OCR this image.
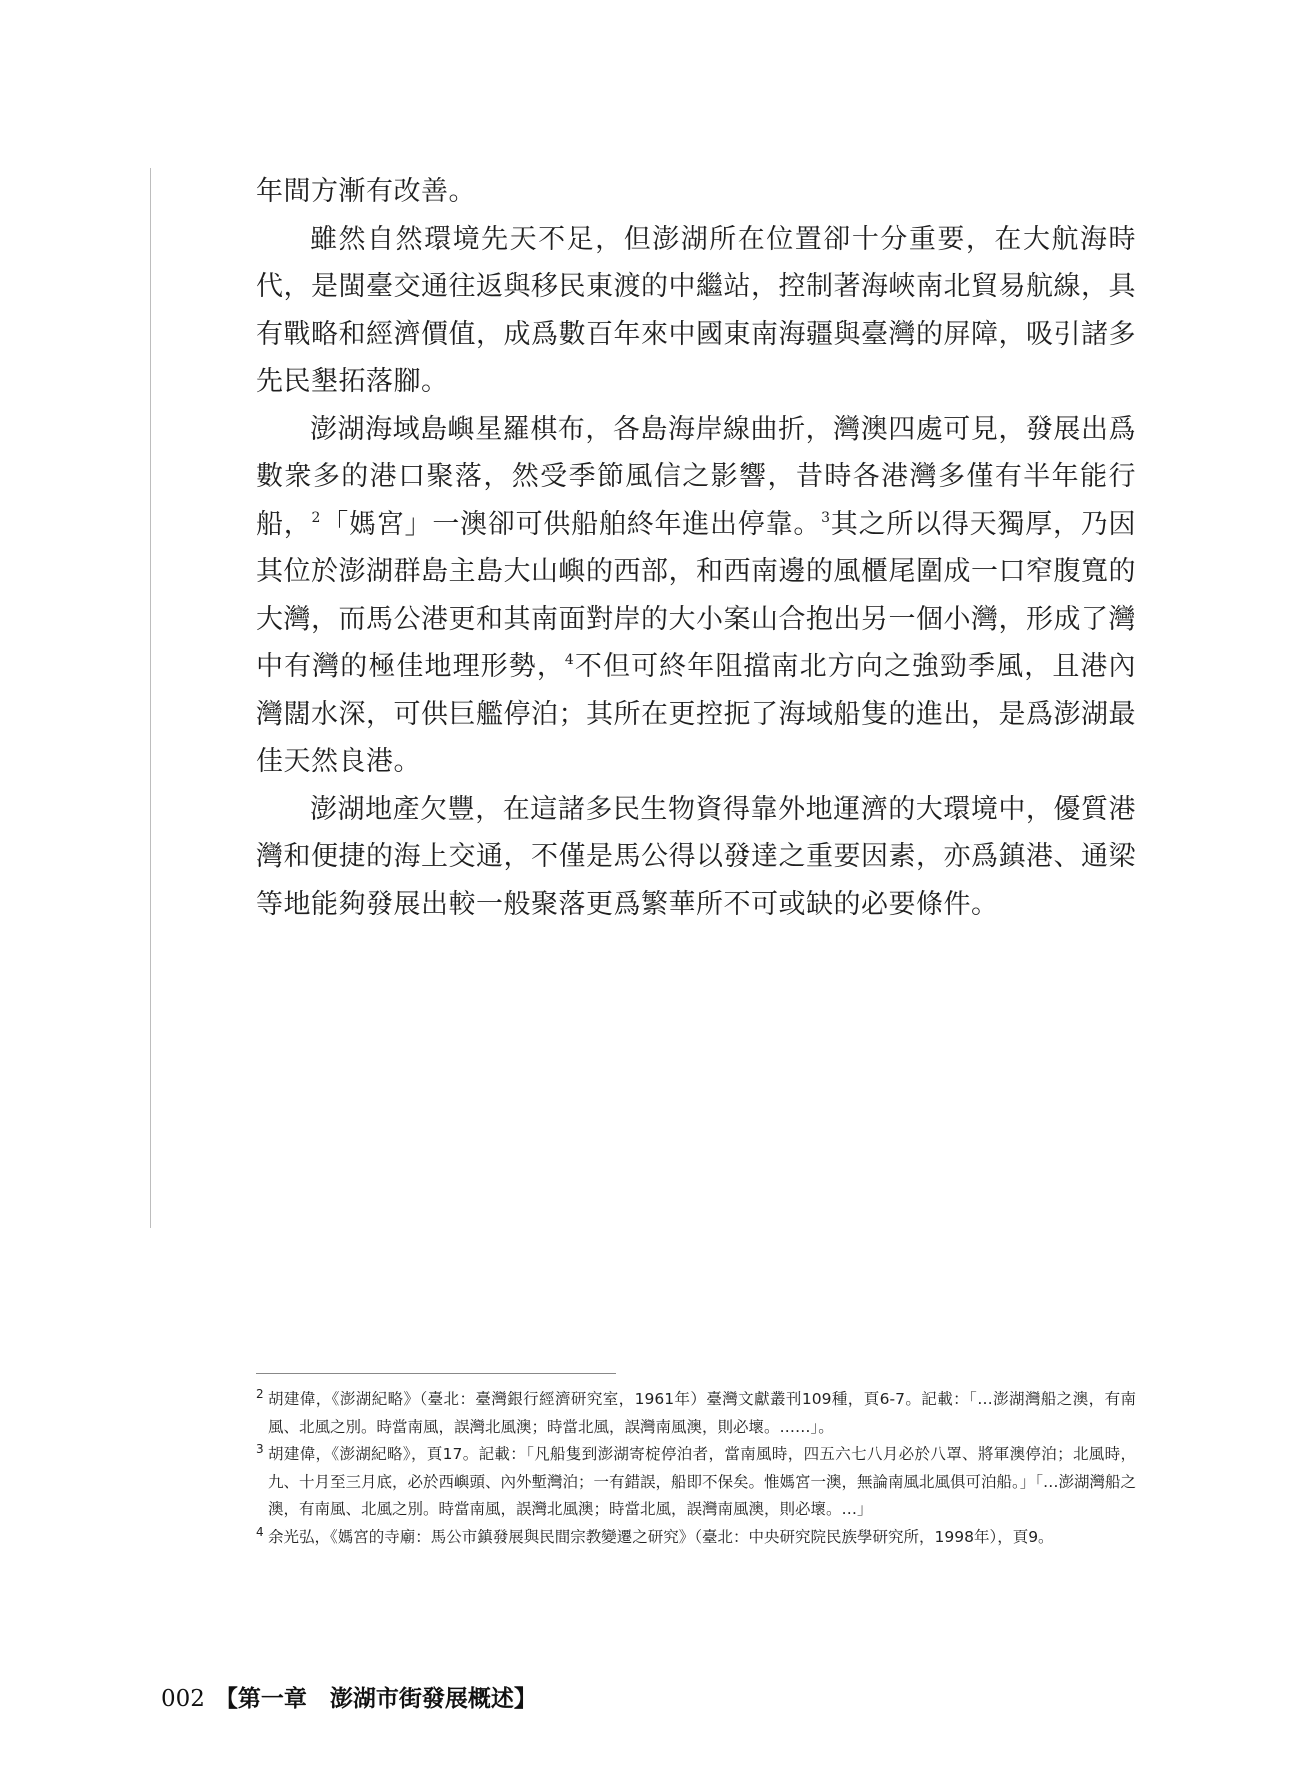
年間方漸有改善。

雖然自然環境先天不足，但澎湖所在位置卻十分重要，在大航海時代，是閩臺交通往返與移民東渡的中繼站，控制著海峽南北貿易航線，具有戰略和經濟價值，成爲數百年來中國東南海疆與臺灣的屏障，吸引諸多先民墾拓落腳。

澎湖海域島嶼星羅棋布，各島海岸線曲折，灣澳四處可見，發展出爲數衆多的港口聚落，然受季節風信之影響，昔時各港灣多僅有半年能行船，$^2$「媽宮」一澳卻可供船舶終年進出停靠。$^3$其之所以得天獨厚，乃因其位於澎湖群島主島大山嶼的西部，和西南邊的風櫃尾圍成一口窄腹寬的大灣，而馬公港更和其南面對岸的大小案山合抱出另一個小灣，形成了灣中有灣的極佳地理形勢，$^4$不但可終年阻擋南北方向之強勁季風，且港內灣闊水深，可供巨艦停泊；其所在更控扼了海域船隻的進出，是爲澎湖最佳天然良港。

澎湖地產欠豐，在這諸多民生物資得靠外地運濟的大環境中，優質港灣和便捷的海上交通，不僅是馬公得以發達之重要因素，亦爲鎮港、通梁等地能夠發展出較一般聚落更爲繁華所不可或缺的必要條件。

2 胡建偉，《澎湖紀略》（臺北：臺灣銀行經濟研究室，1961年）臺灣文獻叢刊109種，頁6-7。記載：「…澎湖灣船之澳，有南風、北風之別。時當南風，誤灣北風澳；時當北風，誤灣南風澳，則必壞。……」。

3 胡建偉，《澎湖紀略》，頁17。記載：「凡船隻到澎湖寄椗停泊者，當南風時，四五六七八月必於八罩、將軍澳停泊；北風時，九、十月至三月底，必於西嶼頭、內外塹灣泊；一有錯誤，船即不保矣。惟媽宮一澳，無論南風北風俱可泊船。」「…澎湖灣船之澳，有南風、北風之別。時當南風，誤灣北風澳；時當北風，誤灣南風澳，則必壞。…」

4 余光弘，《媽宮的寺廟：馬公市鎮發展與民間宗教變遷之研究》（臺北：中央研究院民族學研究所，1998年），頁9。

002 【第一章　澎湖市街發展概述】
